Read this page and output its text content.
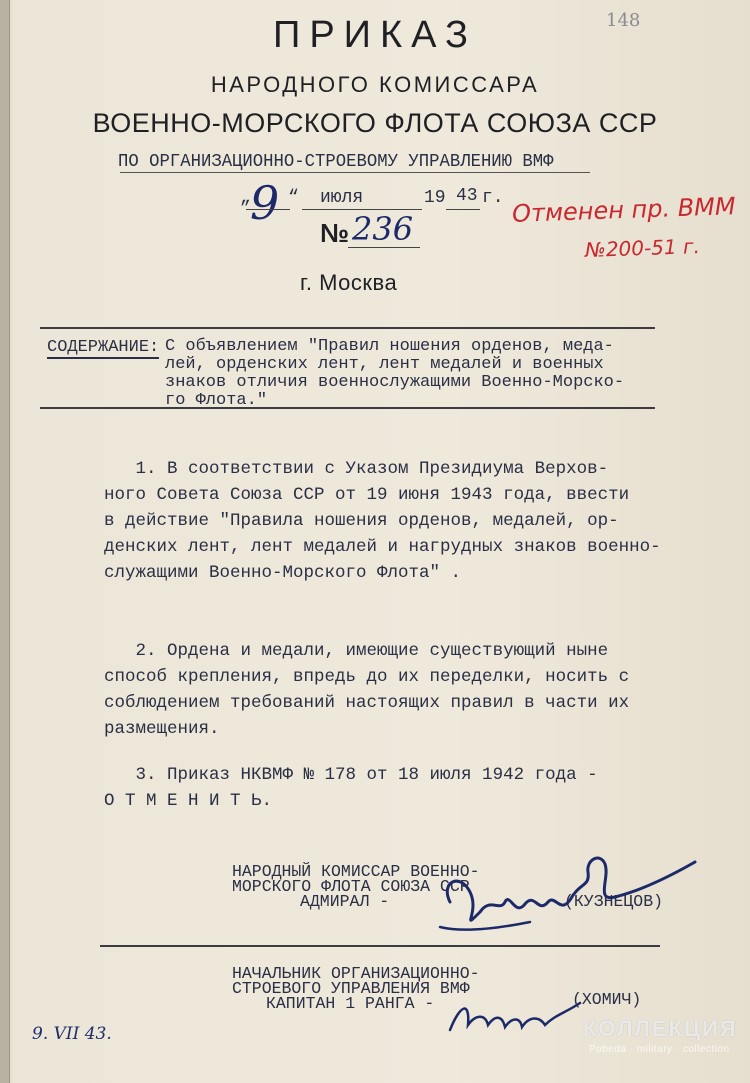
148
ПРИКАЗ
НАРОДНОГО КОМИССАРА
ВОЕННО-МОРСКОГО ФЛОТА СОЮЗА ССР
ПО ОРГАНИЗАЦИОННО-СТРОЕВОМУ УПРАВЛЕНИЮ ВМФ
„ 9 “ июля	19 43 г. Отменен пр. ВММ
№200-51 г.
№ 236
г. Москва
СОДЕРЖАНИЕ: С объявлением "Правил ношения орденов, меда-
лей, орденских лент, лент медалей и военных
знаков отличия военнослужащими Военно-Морско-
го Флота."
1. В соответствии с Указом Президиума Верхов-
ного Совета Союза ССР от 19 июня 1943 года, ввести
в действие "Правила ношения орденов, медалей, ор-
денских лент, лент медалей и нагрудных знаков военно-
служащими Военно-Морского Флота" .
2. Ордена и медали, имеющие существующий ныне
способ крепления, впредь до их переделки, носить с
соблюдением требований настоящих правил в части их
размещения.
3. Приказ НКВМФ № 178 от 18 июля 1942 года -
О Т М Е Н И Т Ь.
НАРОДНЫЙ КОМИССАР ВОЕННО-
МОРСКОГО ФЛОТА СОЮЗА ССР
АДМИРАЛ -	(КУЗНЕЦОВ)
НАЧАЛЬНИК ОРГАНИЗАЦИОННО-
СТРОЕВОГО УПРАВЛЕНИЯ ВМФ
КАПИТАН 1 РАНГА -	(ХОМИЧ)
9. VII 43.	КОЛЛЕКЦИЯ
Pobeda · military · collection
